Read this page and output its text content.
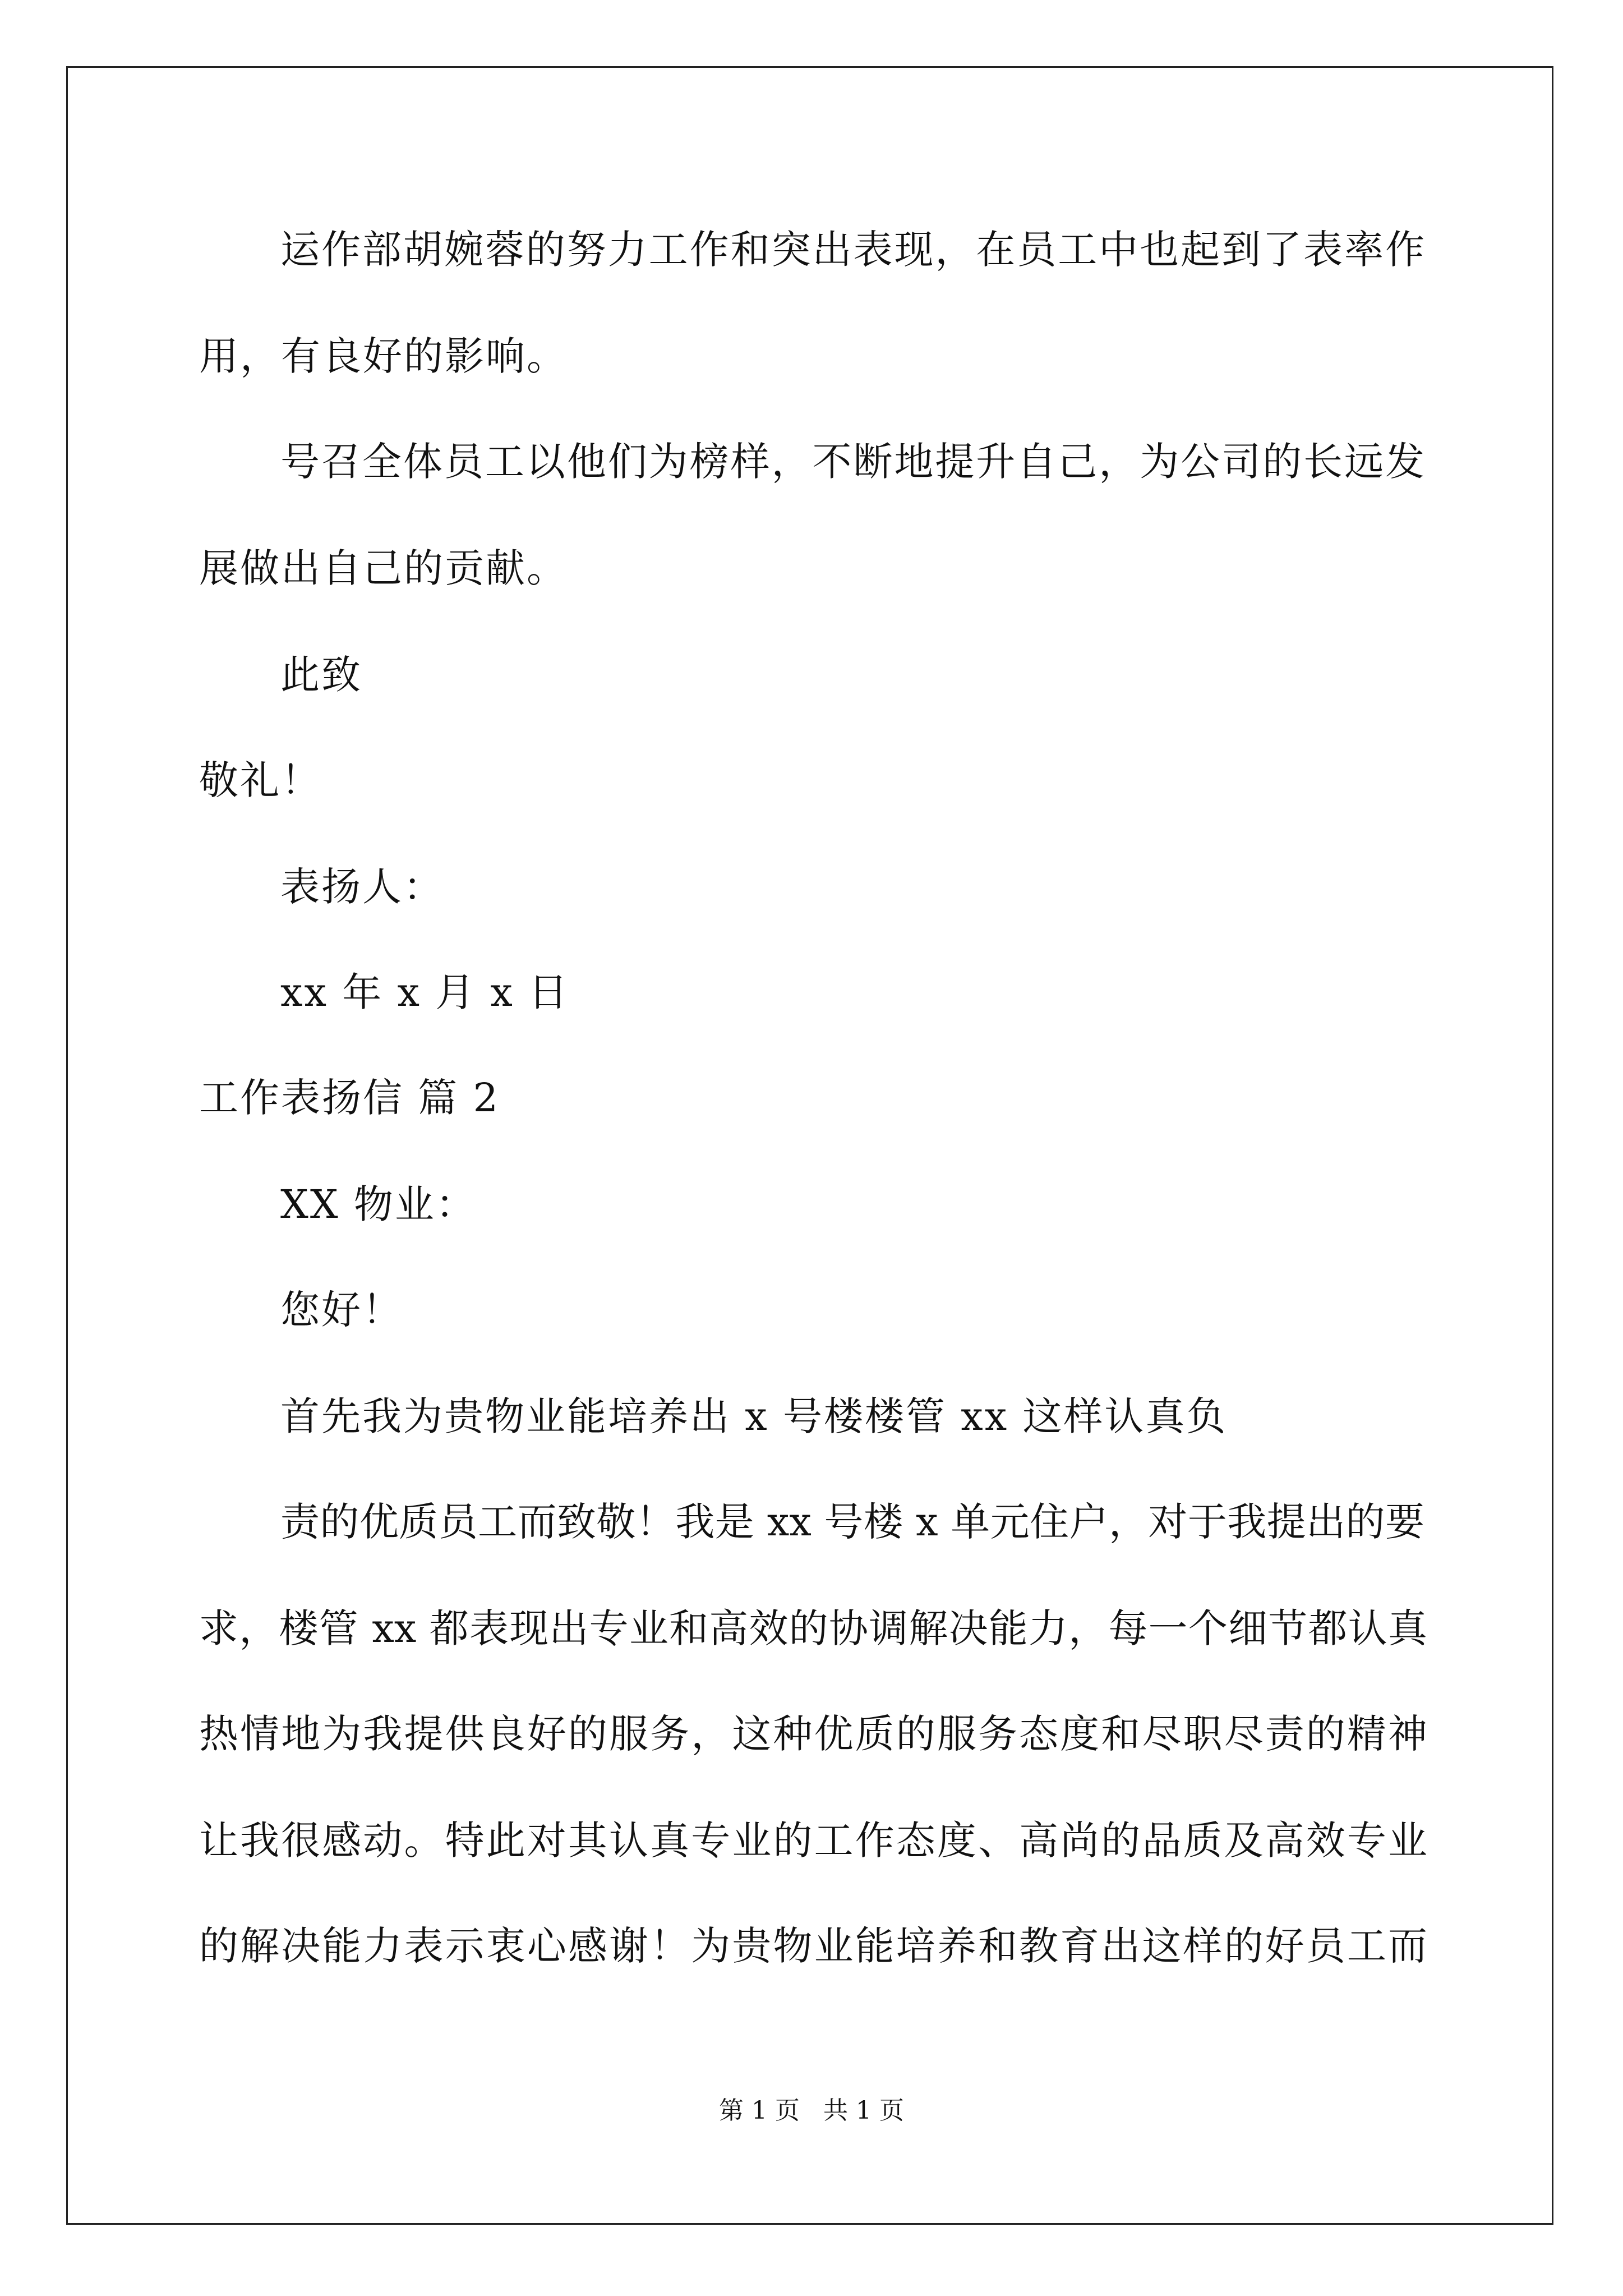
运作部胡婉蓉的努力工作和突出表现，在员工中也起到了表率作
用，有良好的影响。
号召全体员工以他们为榜样，不断地提升自己，为公司的长远发
展做出自己的贡献。
此致
敬礼！
表扬人：
xx 年 x 月 x 日
工作表扬信 篇 2
XX 物业：
您好！
首先我为贵物业能培养出 x 号楼楼管 xx 这样认真负
责的优质员工而致敬！我是 xx 号楼 x 单元住户，对于我提出的要
求，楼管 xx 都表现出专业和高效的协调解决能力，每一个细节都认真
热情地为我提供良好的服务，这种优质的服务态度和尽职尽责的精神
让我很感动。特此对其认真专业的工作态度、高尚的品质及高效专业
的解决能力表示衷心感谢！为贵物业能培养和教育出这样的好员工而
第 1 页   共 1 页
